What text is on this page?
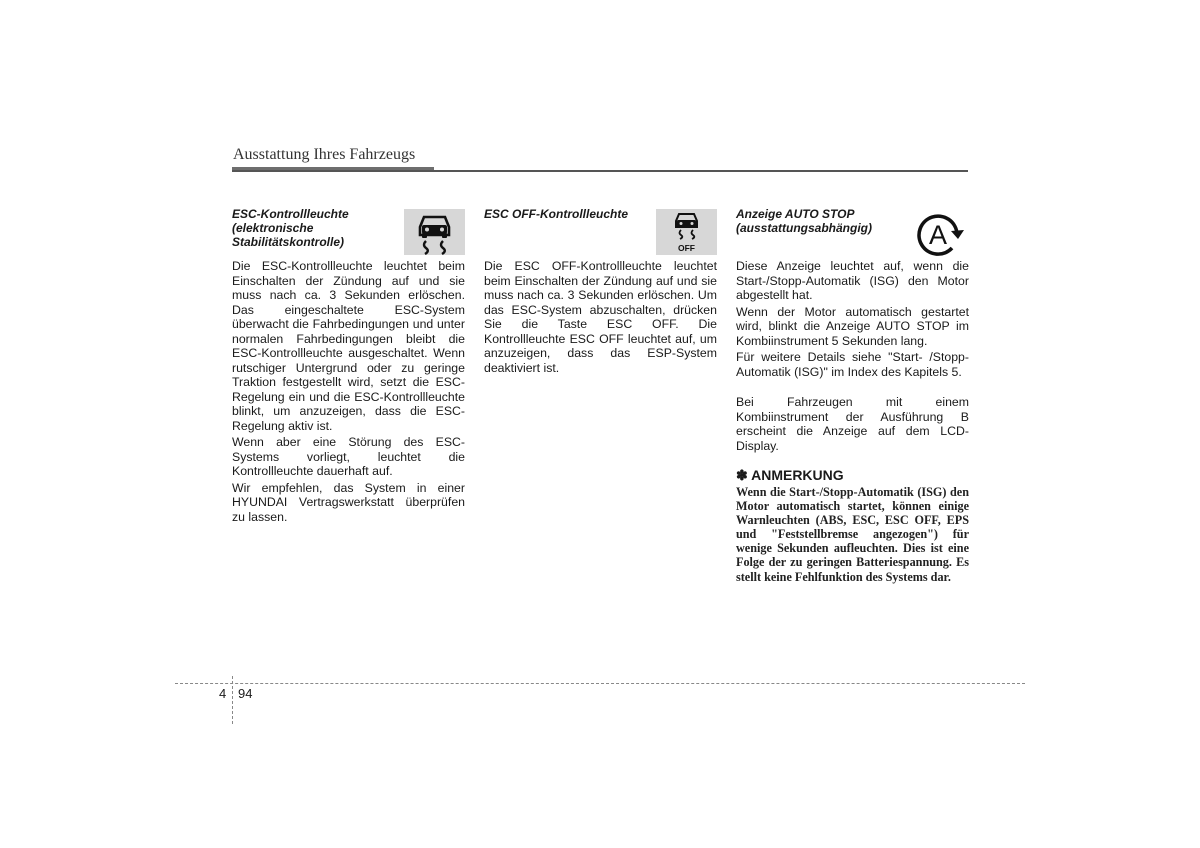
Ausstattung Ihres Fahrzeugs
ESC-Kontrollleuchte
(elektronische
Stabilitätskontrolle)

Die ESC-Kontrollleuchte leuchtet beim Einschalten der Zündung auf und sie muss nach ca. 3 Sekunden erlöschen. Das eingeschaltete ESC-System überwacht die Fahrbedingungen und unter normalen Fahrbedingungen bleibt die ESC-Kontrollleuchte ausgeschaltet. Wenn rutschiger Untergrund oder zu geringe Traktion festgestellt wird, setzt die ESC-Regelung ein und die ESC-Kontrollleuchte blinkt, um anzuzeigen, dass die ESC-Regelung aktiv ist.

Wenn aber eine Störung des ESC-Systems vorliegt, leuchtet die Kontrollleuchte dauerhaft auf.

Wir empfehlen, das System in einer HYUNDAI Vertragswerkstatt überprüfen zu lassen.

ESC OFF-Kontrollleuchte
OFF

Die ESC OFF-Kontrollleuchte leuchtet beim Einschalten der Zündung auf und sie muss nach ca. 3 Sekunden erlöschen. Um das ESC-System abzuschalten, drücken Sie die Taste ESC OFF. Die Kontrollleuchte ESC OFF leuchtet auf, um anzuzeigen, dass das ESP-System deaktiviert ist.

Anzeige AUTO STOP
(ausstattungsabhängig)	A

Diese Anzeige leuchtet auf, wenn die Start-/Stopp-Automatik (ISG) den Motor abgestellt hat.

Wenn der Motor automatisch gestartet wird, blinkt die Anzeige AUTO STOP im Kombiinstrument 5 Sekunden lang.

Für weitere Details siehe "Start- /Stopp-Automatik (ISG)" im Index des Kapitels 5.

Bei Fahrzeugen mit einem Kombiinstrument der Ausführung B erscheint die Anzeige auf dem LCD-Display.

✽ ANMERKUNG

Wenn die Start-/Stopp-Automatik (ISG) den Motor automatisch startet, können einige Warnleuchten (ABS, ESC, ESC OFF, EPS und "Feststellbremse angezogen") für wenige Sekunden aufleuchten. Dies ist eine Folge der zu geringen Batteriespannung. Es stellt keine Fehlfunktion des Systems dar.

4 94
